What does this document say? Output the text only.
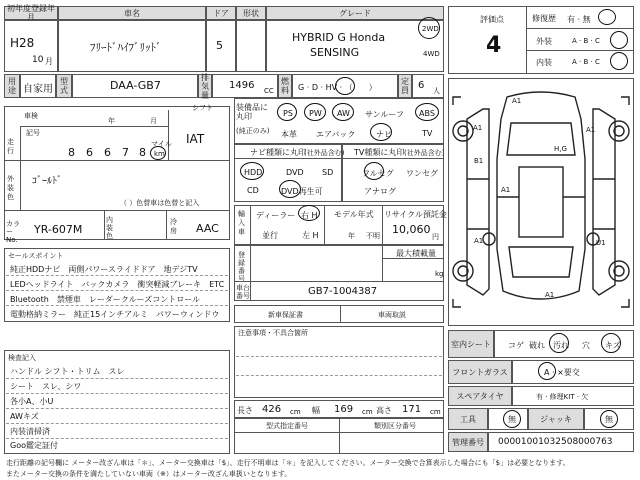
初年度登録年月	車名	ドア	形状	グレード
H28
10 月
ﾌﾘｰﾄﾞﾊｲﾌﾞﾘｯﾄﾞ	5
HYBRID G Honda
SENSING
2WD
4WD
用途 自家用
型式	DAA-GB7
排気量
1496 CC
燃料	G · D · HV · （　　）
定員 6 人
車検
年	月
シフト
IAT
記号
走行	8 6 6 7 8
マイル
km
外装色
ｺﾞｰﾙﾄﾞ
（ ）色替車は色替と記入
カラーNo.
YR-607M
内装色
冷房 AAC
セールスポイント
純正HDDナビ　両側パワースライドドア　地デジTV
LEDヘッドライト　バックカメラ　衝突軽減ブレーキ　ETC
Bluetooth　禁煙車　レーダークルーズコントロール
電動格納ミラー　純正15インチアルミ　パワーウィンドウ
検査記入
ハンドル シフト・トリム　スレ
シート　スレ、シワ
各小A、小U
AWキズ
内装清掃済
Goo鑑定証付
装備品に丸印
(純正のみ)
PS PW AW サンルーフ ABS
本革 エアバック	ナビ	TV
ナビ種類に丸印
(社外品含む)
HDD	DVD SD
CD	DVD再生可
TV種類に丸印 (社外品含む)
フルセグ ワンセグ
アナログ
輸入車
ディーラー 右 H
並行	左 H
モデル年式
年 不明
リサイクル預託金
10,060
円
登録番号
最大積載量
kg
車台番号	GB7-1004387
新車保証書	車両取説
注意事項・不具合箇所
長さ 426 cm 幅 169 cm 高さ 171 cm
型式指定番号	類別区分番号
評価点
4
修復歴 有 · 無
外装	A · B · C
内装	A · B · C
A1
A1	A1
B1
A1
A1	U1
A1
H,G
室内シート	コゲ 破れ 汚れ 穴 キズ
フロントガラス	A · ×要交
スペアタイヤ	有 · 修理KIT · 欠
工具	無	ジャッキ	無
管理番号	00001001032508000763
走行距離の記号欄に メーター改ざん車は「＊」、メーター交換車は「$」、走行不明車は「＊」を記入してください。メーター交換で合算表示した場合にも「$」は必要となります。
またメーター交換の条件を満たしていない車両（※）はメーター改ざん車扱いとなります。
